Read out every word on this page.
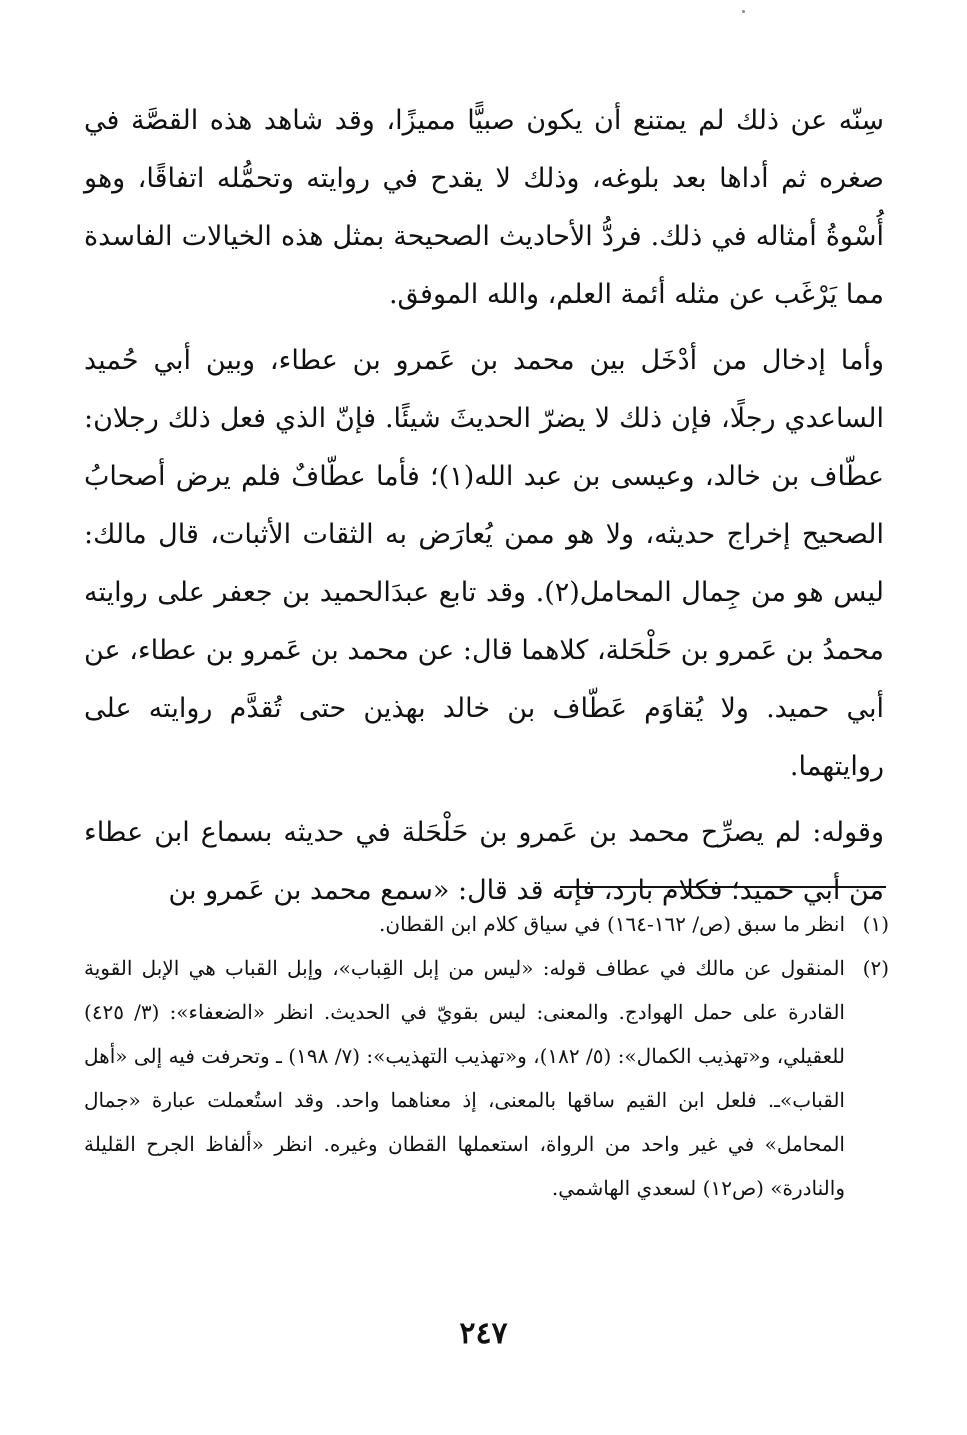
سِنّه عن ذلك لم يمتنع أن يكون صبيًّا مميزًا، وقد شاهد هذه القصَّة في صغره ثم أداها بعد بلوغه، وذلك لا يقدح في روايته وتحمُّله اتفاقًا، وهو أُسْوةُ أمثاله في ذلك. فردُّ الأحاديث الصحيحة بمثل هذه الخيالات الفاسدة مما يَرْغَب عن مثله أئمة العلم، والله الموفق.

وأما إدخال من أدْخَل بين محمد بن عَمرو بن عطاء، وبين أبي حُميد الساعدي رجلًا، فإن ذلك لا يضرّ الحديثَ شيئًا. فإنّ الذي فعل ذلك رجلان: عطّاف بن خالد، وعيسى بن عبد الله(١)؛ فأما عطّافٌ فلم يرض أصحابُ الصحيح إخراج حديثه، ولا هو ممن يُعارَض به الثقات الأثبات، قال مالك: ليس هو من جِمال المحامل(٢). وقد تابع عبدَالحميد بن جعفر على روايته محمدُ بن عَمرو بن حَلْحَلة، كلاهما قال: عن محمد بن عَمرو بن عطاء، عن أبي حميد. ولا يُقاوَم عَطّاف بن خالد بهذين حتى تُقدَّم روايته على روايتهما.

وقوله: لم يصرِّح محمد بن عَمرو بن حَلْحَلة في حديثه بسماع ابن عطاء من أبي حميد؛ فكلام بارد، فإنه قد قال: «سمع محمد بن عَمرو بن

(١)
انظر ما سبق (ص/ ١٦٢-١٦٤) في سياق كلام ابن القطان.
(٢)
المنقول عن مالك في عطاف قوله: «ليس من إبل القِباب»، وإبل القباب هي الإبل القوية القادرة على حمل الهوادج. والمعنى: ليس بقويّ في الحديث. انظر «الضعفاء»: (٣/ ٤٢٥) للعقيلي، و«تهذيب الكمال»: (٥/ ١٨٢)، و«تهذيب التهذيب»: (٧/ ١٩٨) ـ وتحرفت فيه إلى «أهل القباب»ـ. فلعل ابن القيم ساقها بالمعنى، إذ معناهما واحد. وقد استُعملت عبارة «جمال المحامل» في غير واحد من الرواة، استعملها القطان وغيره. انظر «ألفاظ الجرح القليلة والنادرة» (ص١٢) لسعدي الهاشمي.
٢٤٧
